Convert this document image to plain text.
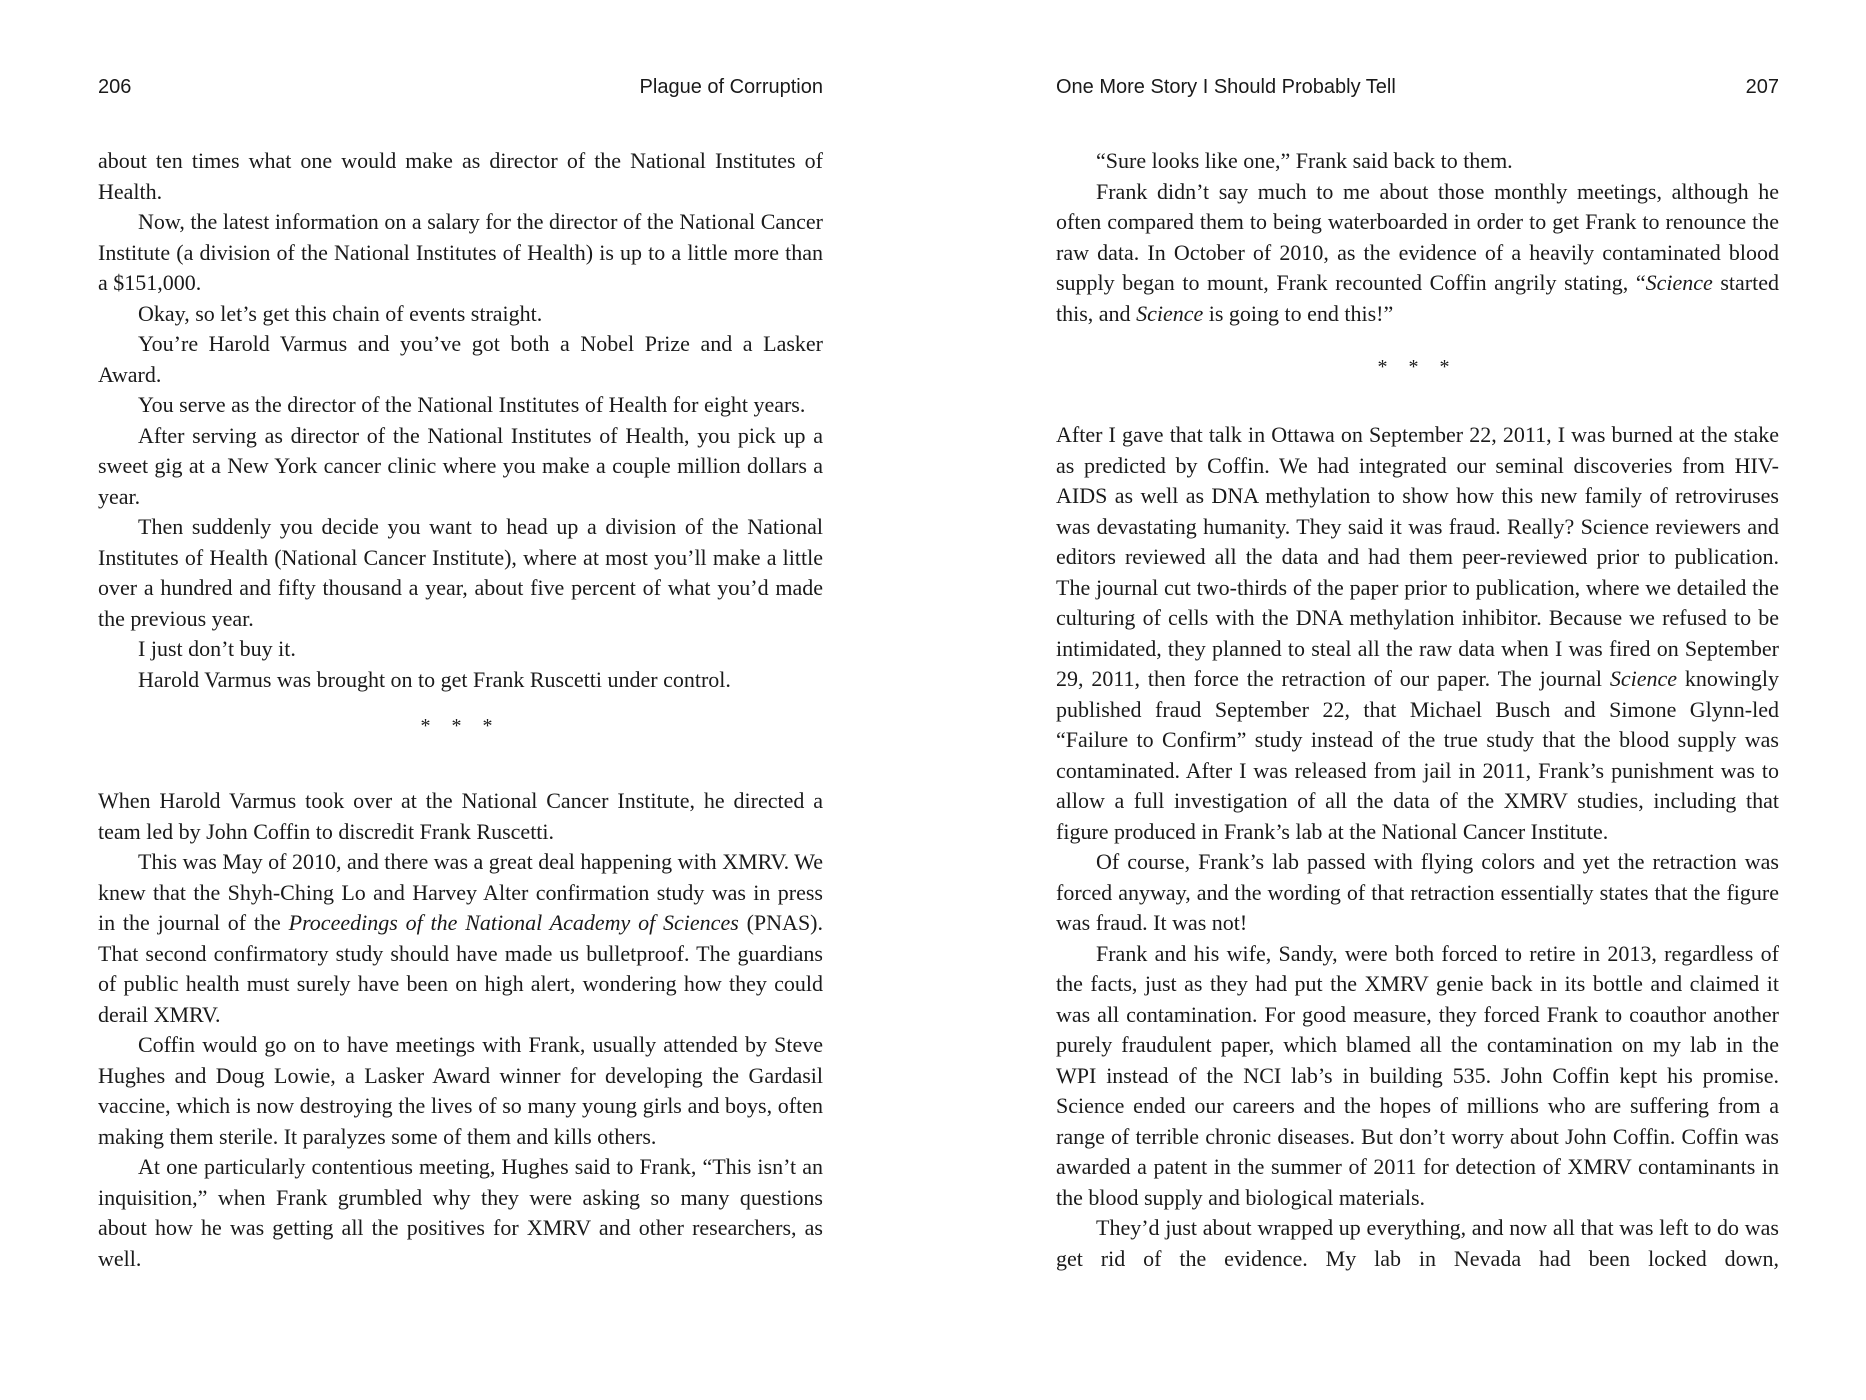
206	Plague of Corruption

about ten times what one would make as director of the National Institutes of Health.

Now, the latest information on a salary for the director of the National Cancer Institute (a division of the National Institutes of Health) is up to a little more than a $151,000.

Okay, so let’s get this chain of events straight.

You’re Harold Varmus and you’ve got both a Nobel Prize and a Lasker Award.

You serve as the director of the National Institutes of Health for eight years.

After serving as director of the National Institutes of Health, you pick up a sweet gig at a New York cancer clinic where you make a couple million dollars a year.

Then suddenly you decide you want to head up a division of the National Institutes of Health (National Cancer Institute), where at most you’ll make a little over a hundred and fifty thousand a year, about five percent of what you’d made the previous year.

I just don’t buy it.

Harold Varmus was brought on to get Frank Ruscetti under control.

* * *

When Harold Varmus took over at the National Cancer Institute, he directed a team led by John Coffin to discredit Frank Ruscetti.

This was May of 2010, and there was a great deal happening with XMRV. We knew that the Shyh-Ching Lo and Harvey Alter confirmation study was in press in the journal of the Proceedings of the National Academy of Sciences (PNAS). That second confirmatory study should have made us bulletproof. The guardians of public health must surely have been on high alert, wondering how they could derail XMRV.

Coffin would go on to have meetings with Frank, usually attended by Steve Hughes and Doug Lowie, a Lasker Award winner for developing the Gardasil vaccine, which is now destroying the lives of so many young girls and boys, often making them sterile. It paralyzes some of them and kills others.

At one particularly contentious meeting, Hughes said to Frank, “This isn’t an inquisition,” when Frank grumbled why they were asking so many questions about how he was getting all the positives for XMRV and other researchers, as well.

One More Story I Should Probably Tell	207

“Sure looks like one,” Frank said back to them.

Frank didn’t say much to me about those monthly meetings, although he often compared them to being waterboarded in order to get Frank to renounce the raw data. In October of 2010, as the evidence of a heavily contaminated blood supply began to mount, Frank recounted Coffin angrily stating, “Science started this, and Science is going to end this!”

* * *

After I gave that talk in Ottawa on September 22, 2011, I was burned at the stake as predicted by Coffin. We had integrated our seminal discoveries from HIV-AIDS as well as DNA methylation to show how this new family of retroviruses was devastating humanity. They said it was fraud. Really? Science reviewers and editors reviewed all the data and had them peer-reviewed prior to publication. The journal cut two-thirds of the paper prior to publication, where we detailed the culturing of cells with the DNA methylation inhibitor. Because we refused to be intimidated, they planned to steal all the raw data when I was fired on September 29, 2011, then force the retraction of our paper. The journal Science knowingly published fraud September 22, that Michael Busch and Simone Glynn-led “Failure to Confirm” study instead of the true study that the blood supply was contaminated. After I was released from jail in 2011, Frank’s punishment was to allow a full investigation of all the data of the XMRV studies, including that figure produced in Frank’s lab at the National Cancer Institute.

Of course, Frank’s lab passed with flying colors and yet the retraction was forced anyway, and the wording of that retraction essentially states that the figure was fraud. It was not!

Frank and his wife, Sandy, were both forced to retire in 2013, regardless of the facts, just as they had put the XMRV genie back in its bottle and claimed it was all contamination. For good measure, they forced Frank to coauthor another purely fraudulent paper, which blamed all the contamination on my lab in the WPI instead of the NCI lab’s in building 535. John Coffin kept his promise. Science ended our careers and the hopes of millions who are suffering from a range of terrible chronic diseases. But don’t worry about John Coffin. Coffin was awarded a patent in the summer of 2011 for detection of XMRV contaminants in the blood supply and biological materials.

They’d just about wrapped up everything, and now all that was left to do was get rid of the evidence. My lab in Nevada had been locked down,
